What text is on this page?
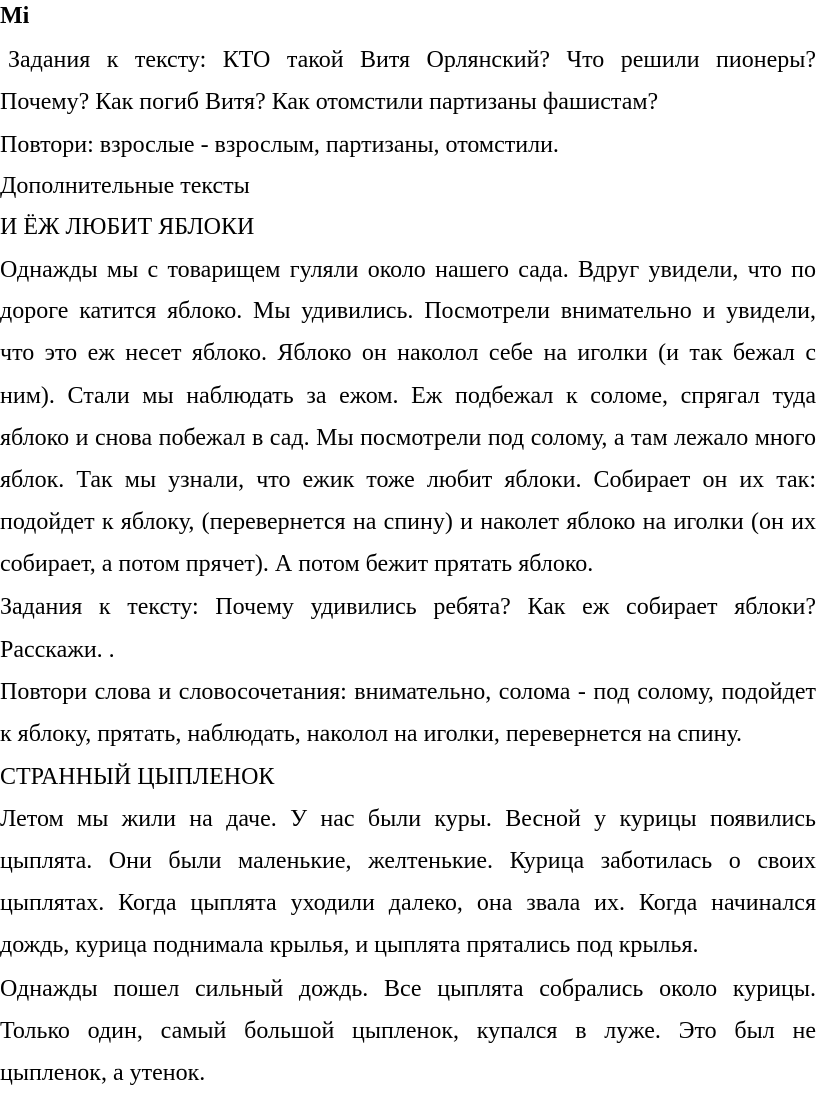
Mi
Задания к тексту: КТО такой Витя Орлянский? Что решили пионеры?
Почему? Как погиб Витя? Как отомстили партизаны фашистам?
Повтори: взрослые - взрослым, партизаны, отомстили.
Дополнительные тексты
И ЁЖ ЛЮБИТ ЯБЛОКИ
Однажды мы с товарищем гуляли около нашего сада. Вдруг увидели, что по
дороге катится яблоко. Мы удивились. Посмотрели внимательно и увидели,
что это еж несет яблоко. Яблоко он наколол себе на иголки (и так бежал с
ним). Стали мы наблюдать за ежом. Еж подбежал к соломе, спрягал туда
яблоко и снова побежал в сад. Мы посмотрели под солому, а там лежало много
яблок. Так мы узнали, что ежик тоже любит яблоки. Собирает он их так:
подойдет к яблоку, (перевернется на спину) и наколет яблоко на иголки (он их
собирает, а потом прячет). А потом бежит прятать яблоко.
Задания к тексту: Почему удивились ребята? Как еж собирает яблоки?
Расскажи. .
Повтори слова и словосочетания: внимательно, солома - под солому, подойдет
к яблоку, прятать, наблюдать, наколол на иголки, перевернется на спину.
СТРАННЫЙ ЦЫПЛЕНОК
Летом мы жили на даче. У нас были куры. Весной у курицы появились
цыплята. Они были маленькие, желтенькие. Курица заботилась о своих
цыплятах. Когда цыплята уходили далеко, она звала их. Когда начинался
дождь, курица поднимала крылья, и цыплята прятались под крылья.
Однажды пошел сильный дождь. Все цыплята собрались около курицы.
Только один, самый большой цыпленок, купался в луже. Это был не
цыпленок, а утенок.
